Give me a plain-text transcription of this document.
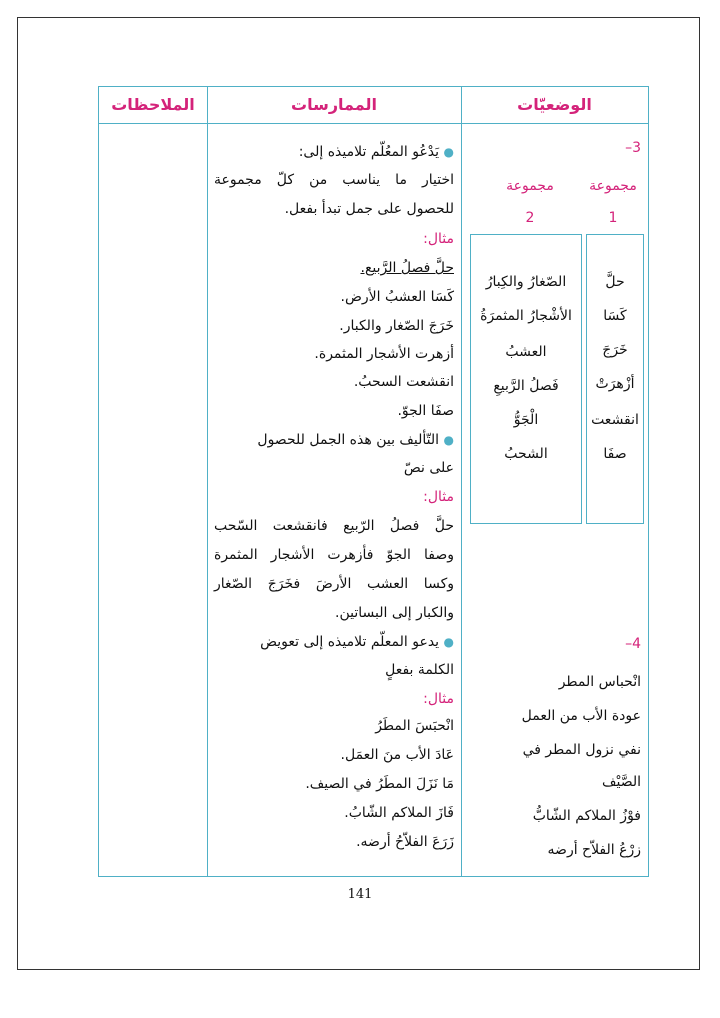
الملاحظات	الممارسات	الوضعيّات
● يَدْعُو المعُلّم تلاميذه إلى:
اختيار ما يناسب من كلّ مجموعة
للحصول على جمل تبدأ بفعل.
مثال:
حلَّ فصلُ الرَّبيع.
كَسَا العشبُ الأرض.
خَرَجَ الصّغار والكبار.
أزهرت الأشجار المثمرة.
انقشعت السحبُ.
صفَا الجوّ.
● التّأليف بين هذه الجمل للحصول
على نصّ
مثال:
حلَّ فصلُ الرّبيع فانقشعت السّحب
وصفا الجوّ فأزهرت الأشجار المثمرة
وكسا العشب الأرضَ فخَرَجَ الصّغار
والكبار إلى البساتين.
● يدعو المعلّم تلاميذه إلى تعويض
الكلمة بفعلٍ
مثال:
انْحبَسَ المطَرُ
عَادَ الأب منَ العمَل.
مَا نَزَلَ المطَرُ في الصيف.
فَازَ الملاكم الشّابُ.
زَرَعَ الفلاّحُ أرضه.
3–
مجموعة
مجموعة
1
2
حلَّ
كَسَا
خَرَجَ
أزْهرَتْ
انقشعت
صفَا
الصّغارُ والكِبارُ
الأشْجارُ المثمرَةُ
العشبُ
فَصلُ الرَّبيعِ
الْجَوُّ
الشحبُ
4–
انْحباس المطر
عودة الأب من العمل
نفي نزول المطر في
الصَّيْف
فوْزُ الملاكم الشّابُّ
زرْعُ الفلاّح أرضه
141
